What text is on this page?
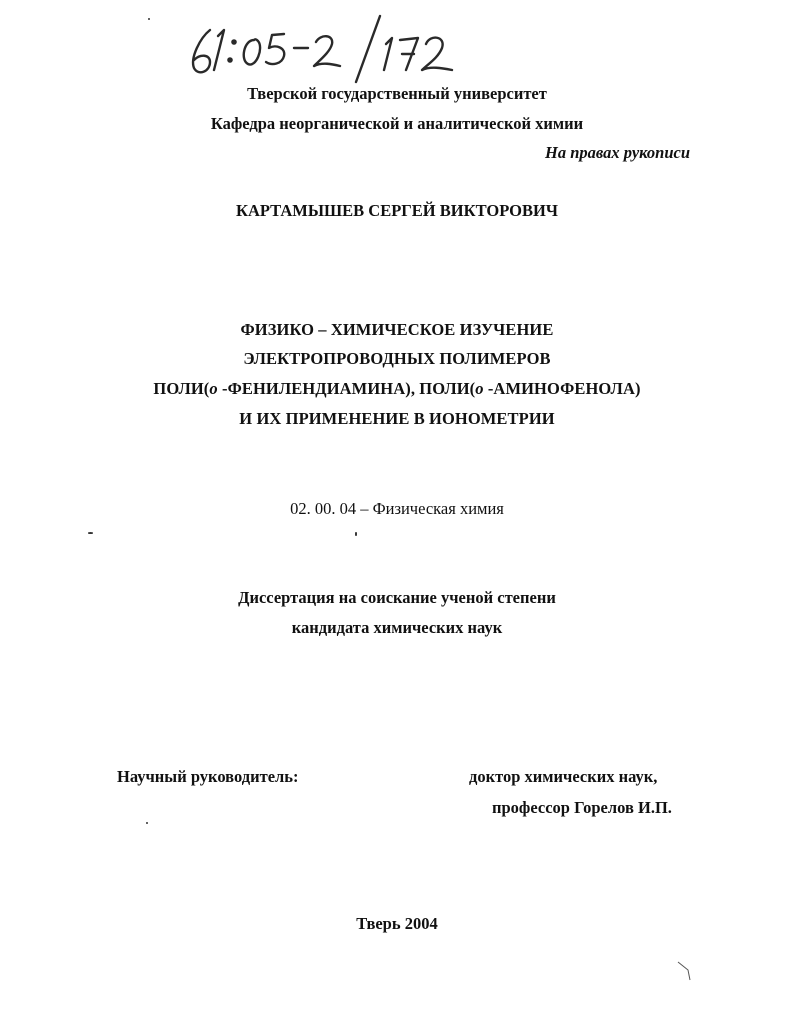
Тверской государственный университет
Кафедра неорганической и аналитической химии
На правах рукописи
КАРТАМЫШЕВ СЕРГЕЙ ВИКТОРОВИЧ
ФИЗИКО – ХИМИЧЕСКОЕ ИЗУЧЕНИЕ
ЭЛЕКТРОПРОВОДНЫХ ПОЛИМЕРОВ
ПОЛИ(о -ФЕНИЛЕНДИАМИНА), ПОЛИ(о -АМИНОФЕНОЛА)
И ИХ ПРИМЕНЕНИЕ В ИОНОМЕТРИИ
02. 00. 04 – Физическая химия
Диссертация на соискание ученой степени
кандидата химических наук
Научный руководитель:	доктор химических наук,
профессор Горелов И.П.
Тверь 2004
